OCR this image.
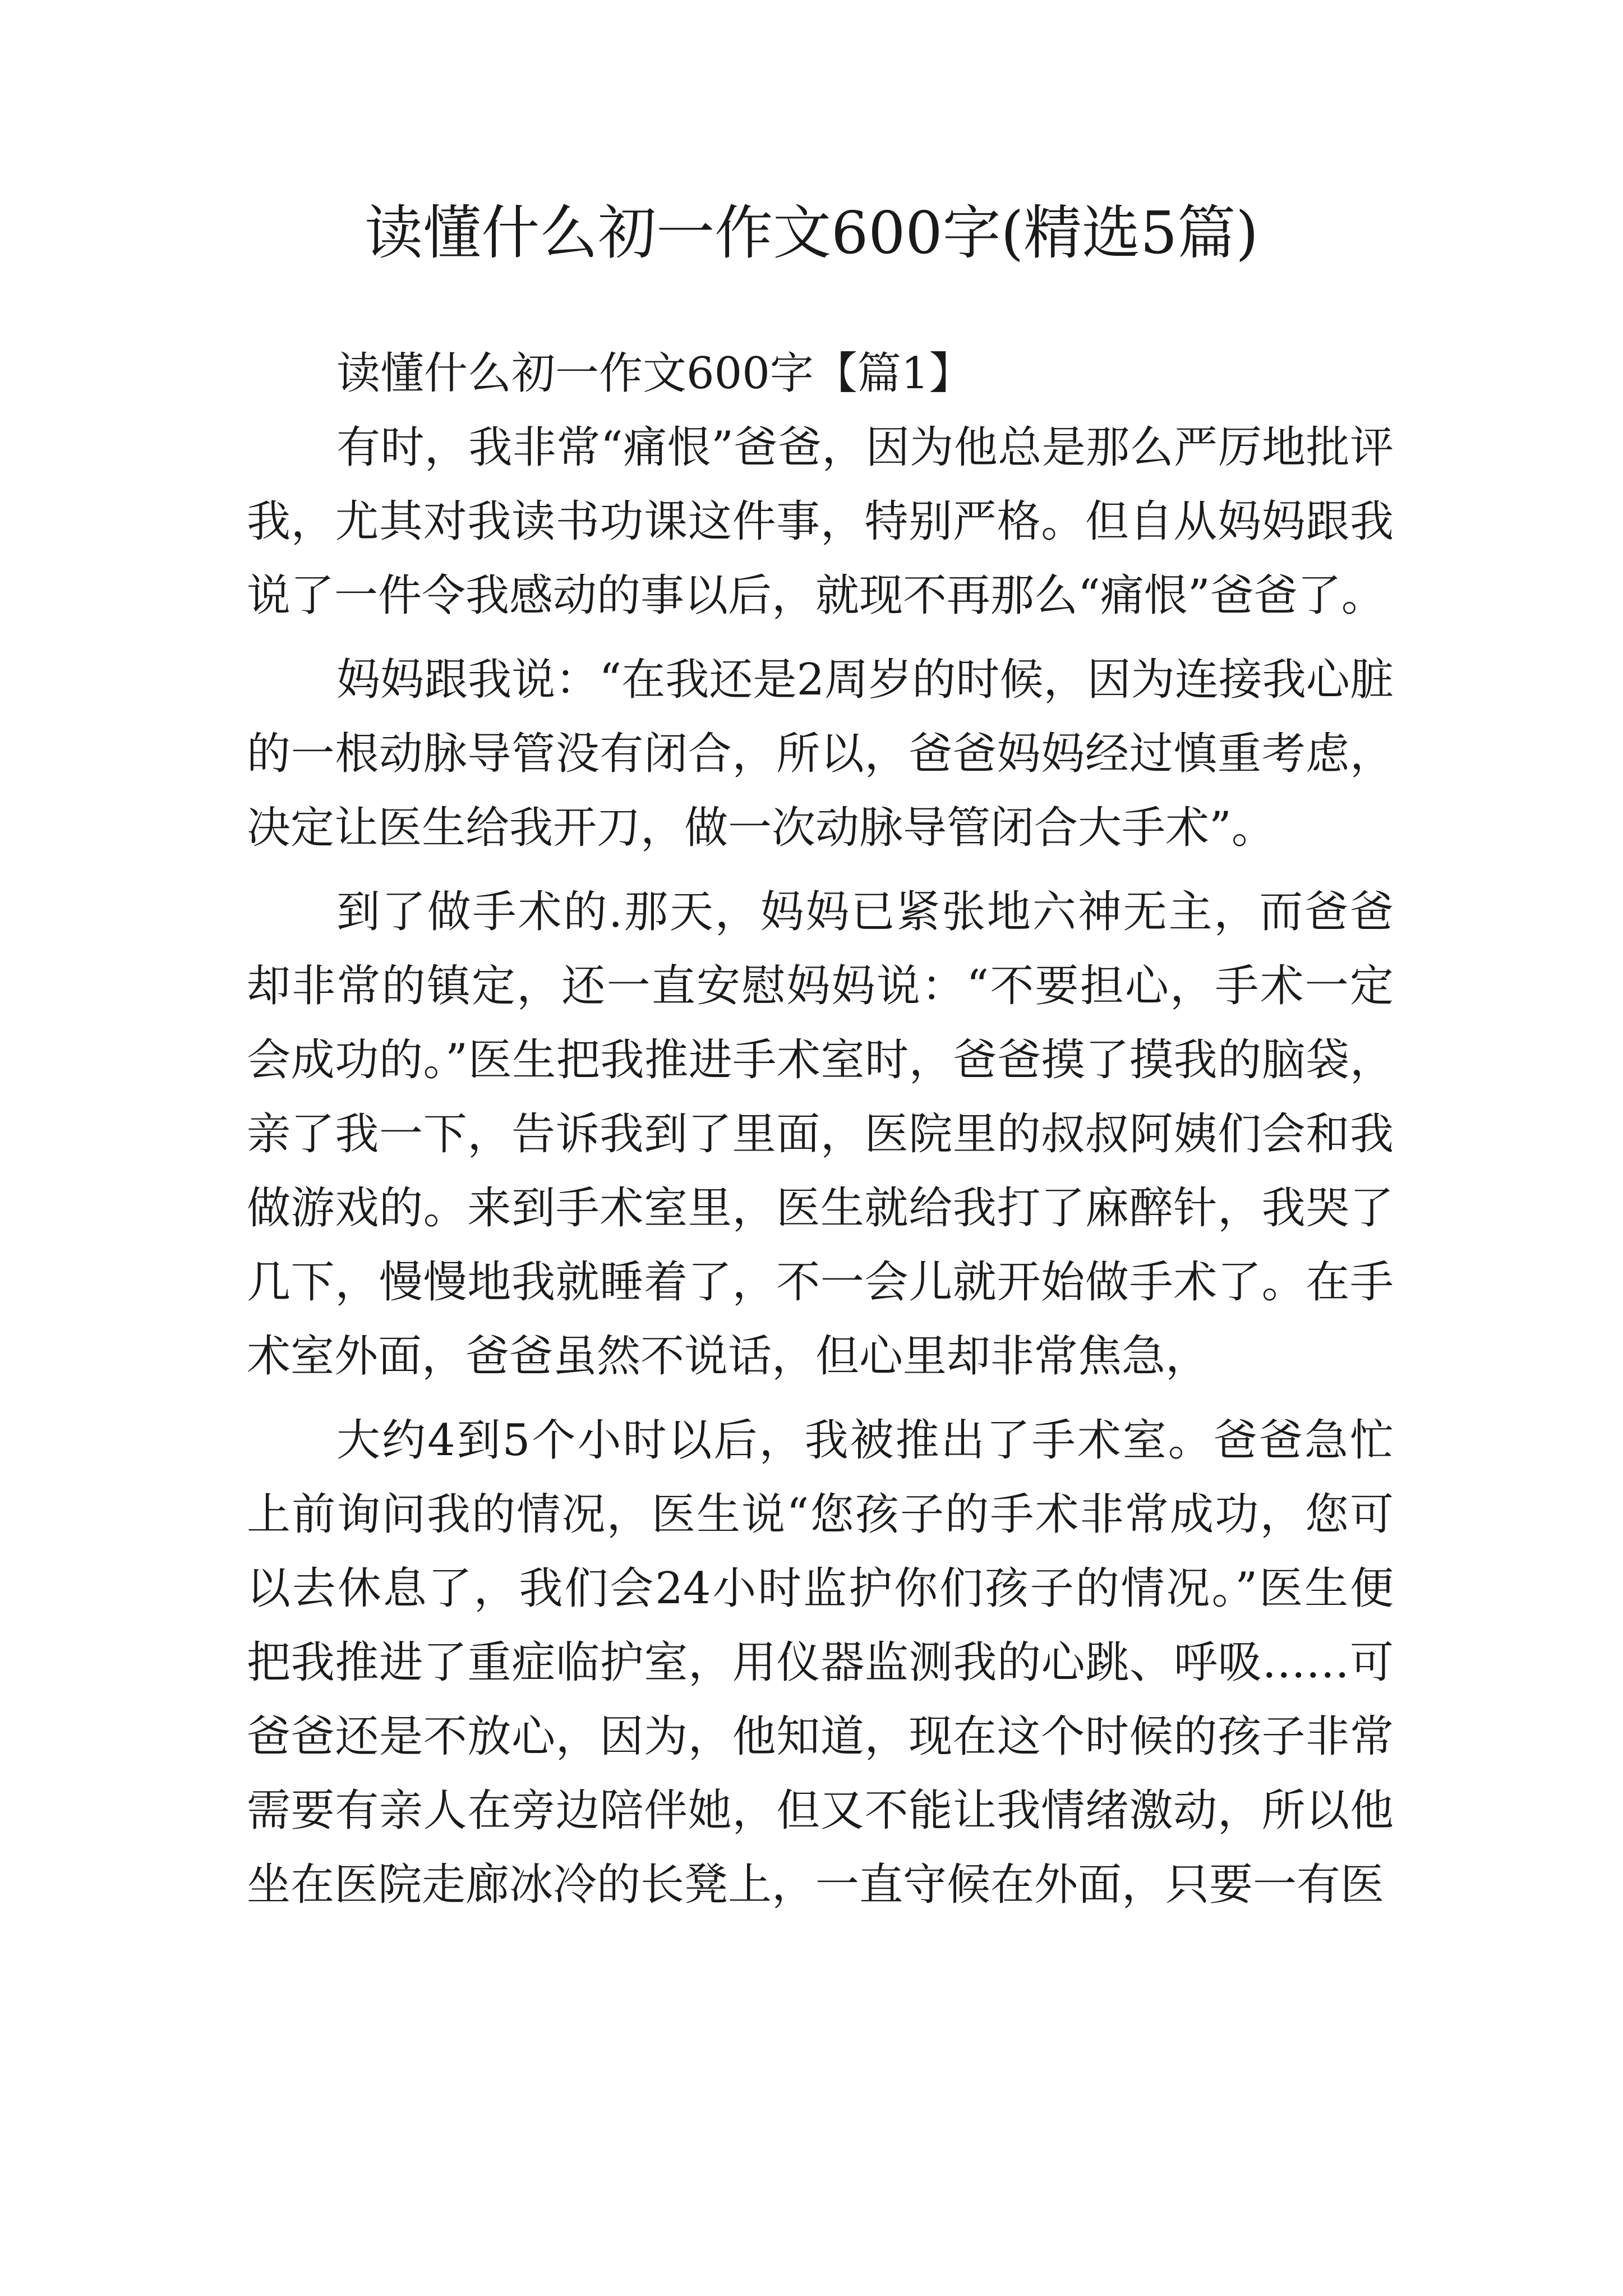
读懂什么初一作文600字(精选5篇)

读懂什么初一作文600字【篇1】

有时，我非常“痛恨”爸爸，因为他总是那么严厉地批评我，尤其对我读书功课这件事，特别严格。但自从妈妈跟我说了一件令我感动的事以后，就现不再那么“痛恨”爸爸了。

妈妈跟我说：“在我还是2周岁的时候，因为连接我心脏的一根动脉导管没有闭合，所以，爸爸妈妈经过慎重考虑，决定让医生给我开刀，做一次动脉导管闭合大手术”。

到了做手术的.那天，妈妈已紧张地六神无主，而爸爸却非常的镇定，还一直安慰妈妈说：“不要担心，手术一定会成功的。”医生把我推进手术室时，爸爸摸了摸我的脑袋，亲了我一下，告诉我到了里面，医院里的叔叔阿姨们会和我做游戏的。来到手术室里，医生就给我打了麻醉针，我哭了几下，慢慢地我就睡着了，不一会儿就开始做手术了。在手术室外面，爸爸虽然不说话，但心里却非常焦急，

大约4到5个小时以后，我被推出了手术室。爸爸急忙上前询问我的情况，医生说“您孩子的手术非常成功，您可以去休息了，我们会24小时监护你们孩子的情况。”医生便把我推进了重症临护室，用仪器监测我的心跳、呼吸……可爸爸还是不放心，因为，他知道，现在这个时候的孩子非常需要有亲人在旁边陪伴她，但又不能让我情绪激动，所以他坐在医院走廊冰冷的长凳上，一直守候在外面，只要一有医
